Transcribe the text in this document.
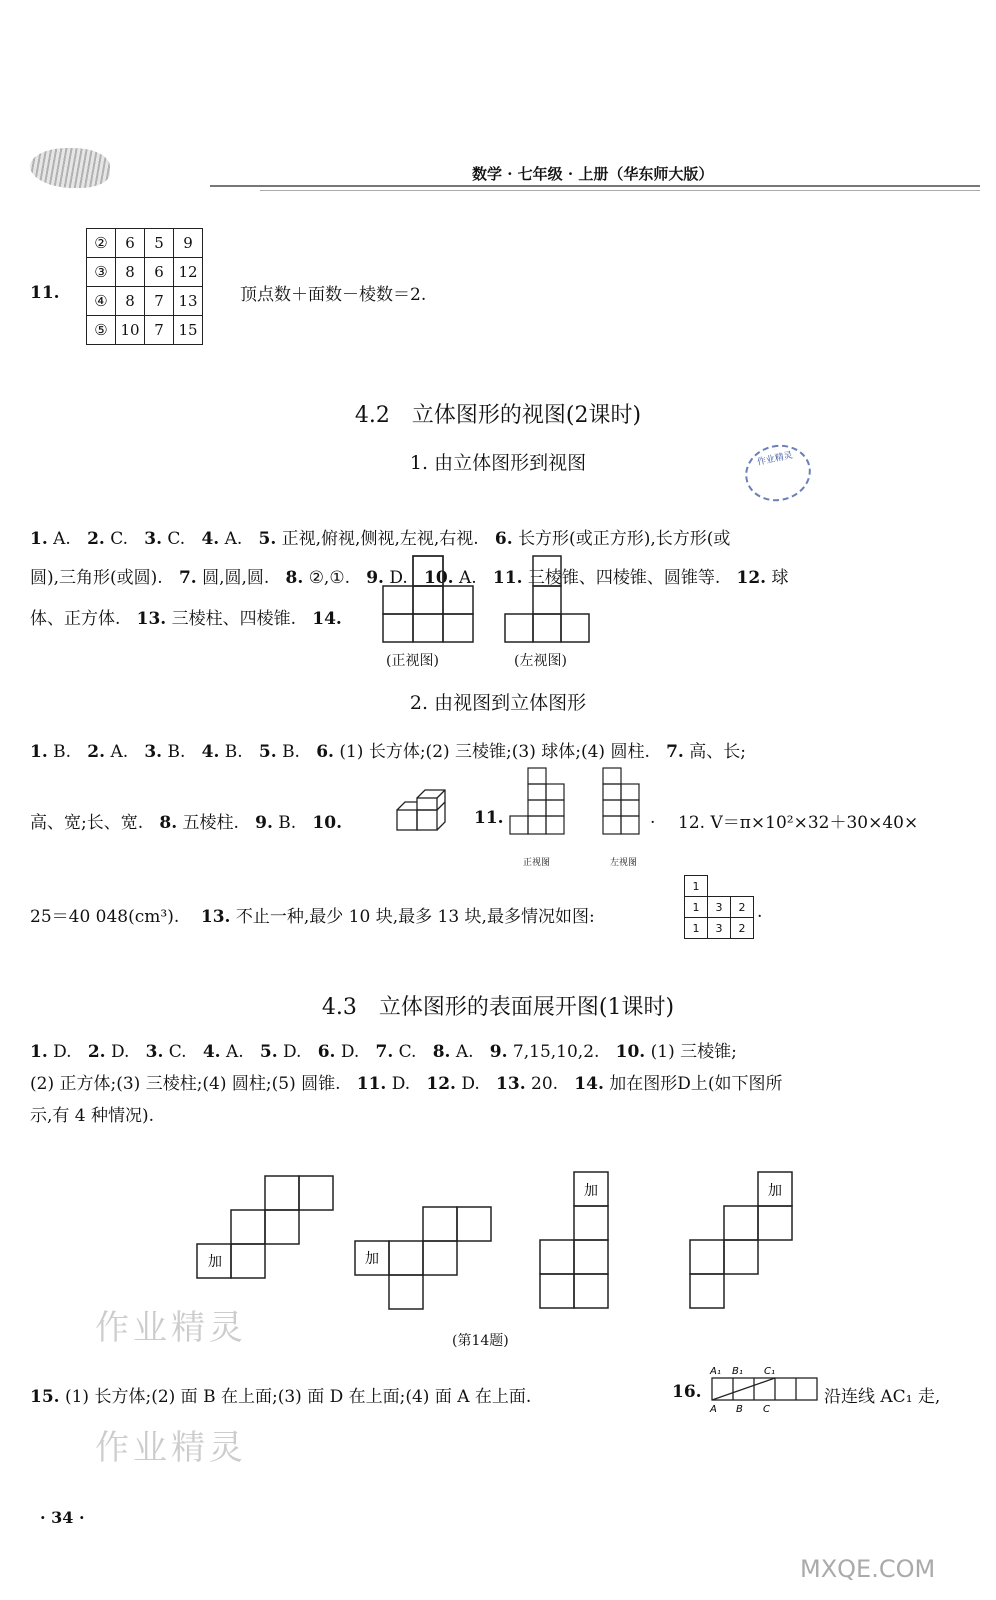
数学 · 七年级 · 上册（华东师大版）
11.
②	6	5	9
③	8	6	12
④	8	7	13
⑤	10	7	15
顶点数＋面数－棱数＝2.
4.2　立体图形的视图(2课时)
1. 由立体图形到视图	作业精灵
1. A. 2. C. 3. C. 4. A. 5. 正视,俯视,侧视,左视,右视. 6. 长方形(或正方形),长方形(或
圆),三角形(或圆). 7. 圆,圆,圆. 8. ②,①. 9. D. 10. A. 11. 三棱锥、四棱锥、圆锥等. 12. 球
体、正方体. 13. 三棱柱、四棱锥. 14.
(正视图)	(左视图)
2. 由视图到立体图形
1. B. 2. A. 3. B. 4. B. 5. B. 6. (1) 长方体;(2) 三棱锥;(3) 球体;(4) 圆柱. 7. 高、长;
高、宽;长、宽. 8. 五棱柱. 9. B. 10.	11.	. 12. V＝π×10²×32＋30×40×
正视图	左视图
25＝40 048(cm³). 13. 不止一种,最少 10 块,最多 13 块,最多情况如图:
1		
1	3	2
1	3	2
.
4.3　立体图形的表面展开图(1课时)
1. D. 2. D. 3. C. 4. A. 5. D. 6. D. 7. C. 8. A. 9. 7,15,10,2. 10. (1) 三棱锥;
(2) 正方体;(3) 三棱柱;(4) 圆柱;(5) 圆锥. 11. D. 12. D. 13. 20. 14. 加在图形D上(如下图所
示,有 4 种情况).
加	加
加	加
(第14题)
15. (1) 长方体;(2) 面 B 在上面;(3) 面 D 在上面;(4) 面 A 在上面.	16.
A₁ B₁ C₁
A B C
沿连线 AC₁ 走,
作业精灵
作业精灵
· 34 ·
MXQE.COM
